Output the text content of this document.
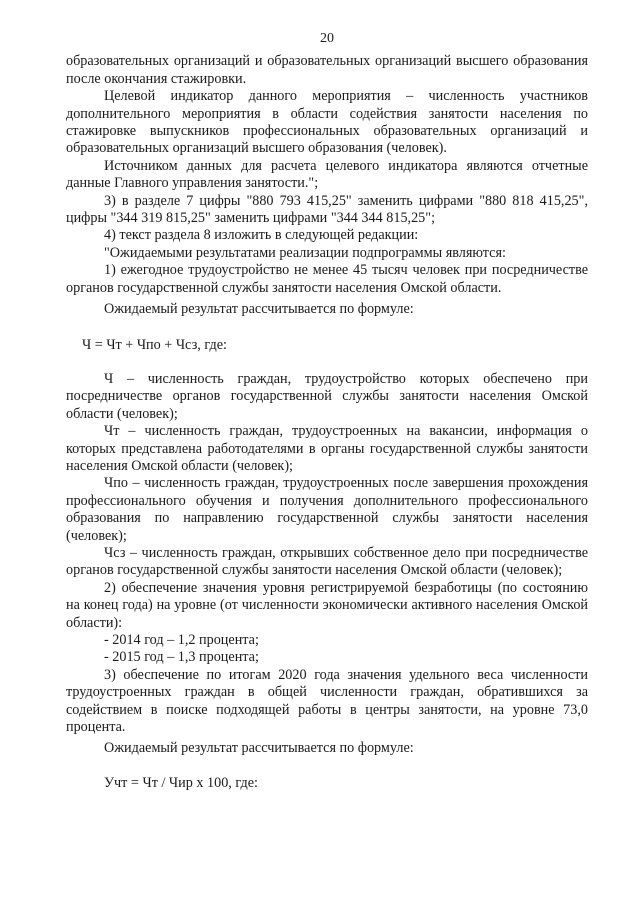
20

образовательных организаций и образовательных организаций высшего образования после окончания стажировки.

Целевой индикатор данного мероприятия – численность участников дополнительного мероприятия в области содействия занятости населения по стажировке выпускников профессиональных образовательных организаций и образовательных организаций высшего образования (человек).

Источником данных для расчета целевого индикатора являются отчетные данные Главного управления занятости.";

3) в разделе 7 цифры "880 793 415,25" заменить цифрами "880 818 415,25", цифры "344 319 815,25" заменить цифрами "344 344 815,25";

4) текст раздела 8 изложить в следующей редакции:

"Ожидаемыми результатами реализации подпрограммы являются:

1) ежегодное трудоустройство не менее 45 тысяч человек при посредничестве органов государственной службы занятости населения Омской области.

Ожидаемый результат рассчитывается по формуле:

Ч = Чт + Чпо + Чсз, где:

Ч – численность граждан, трудоустройство которых обеспечено при посредничестве органов государственной службы занятости населения Омской области (человек);

Чт – численность граждан, трудоустроенных на вакансии, информация о которых представлена работодателями в органы государственной службы занятости населения Омской области (человек);

Чпо – численность граждан, трудоустроенных после завершения прохождения профессионального обучения и получения дополнительного профессионального образования по направлению государственной службы занятости населения (человек);

Чсз – численность граждан, открывших собственное дело при посредничестве органов государственной службы занятости населения Омской области (человек);

2) обеспечение значения уровня регистрируемой безработицы (по состоянию на конец года) на уровне (от численности экономически активного населения Омской области):

- 2014 год – 1,2 процента;

- 2015 год – 1,3 процента;

3) обеспечение по итогам 2020 года значения удельного веса численности трудоустроенных граждан в общей численности граждан, обратившихся за содействием в поиске подходящей работы в центры занятости, на уровне 73,0 процента.

Ожидаемый результат рассчитывается по формуле:

Учт = Чт / Чир х 100, где:
